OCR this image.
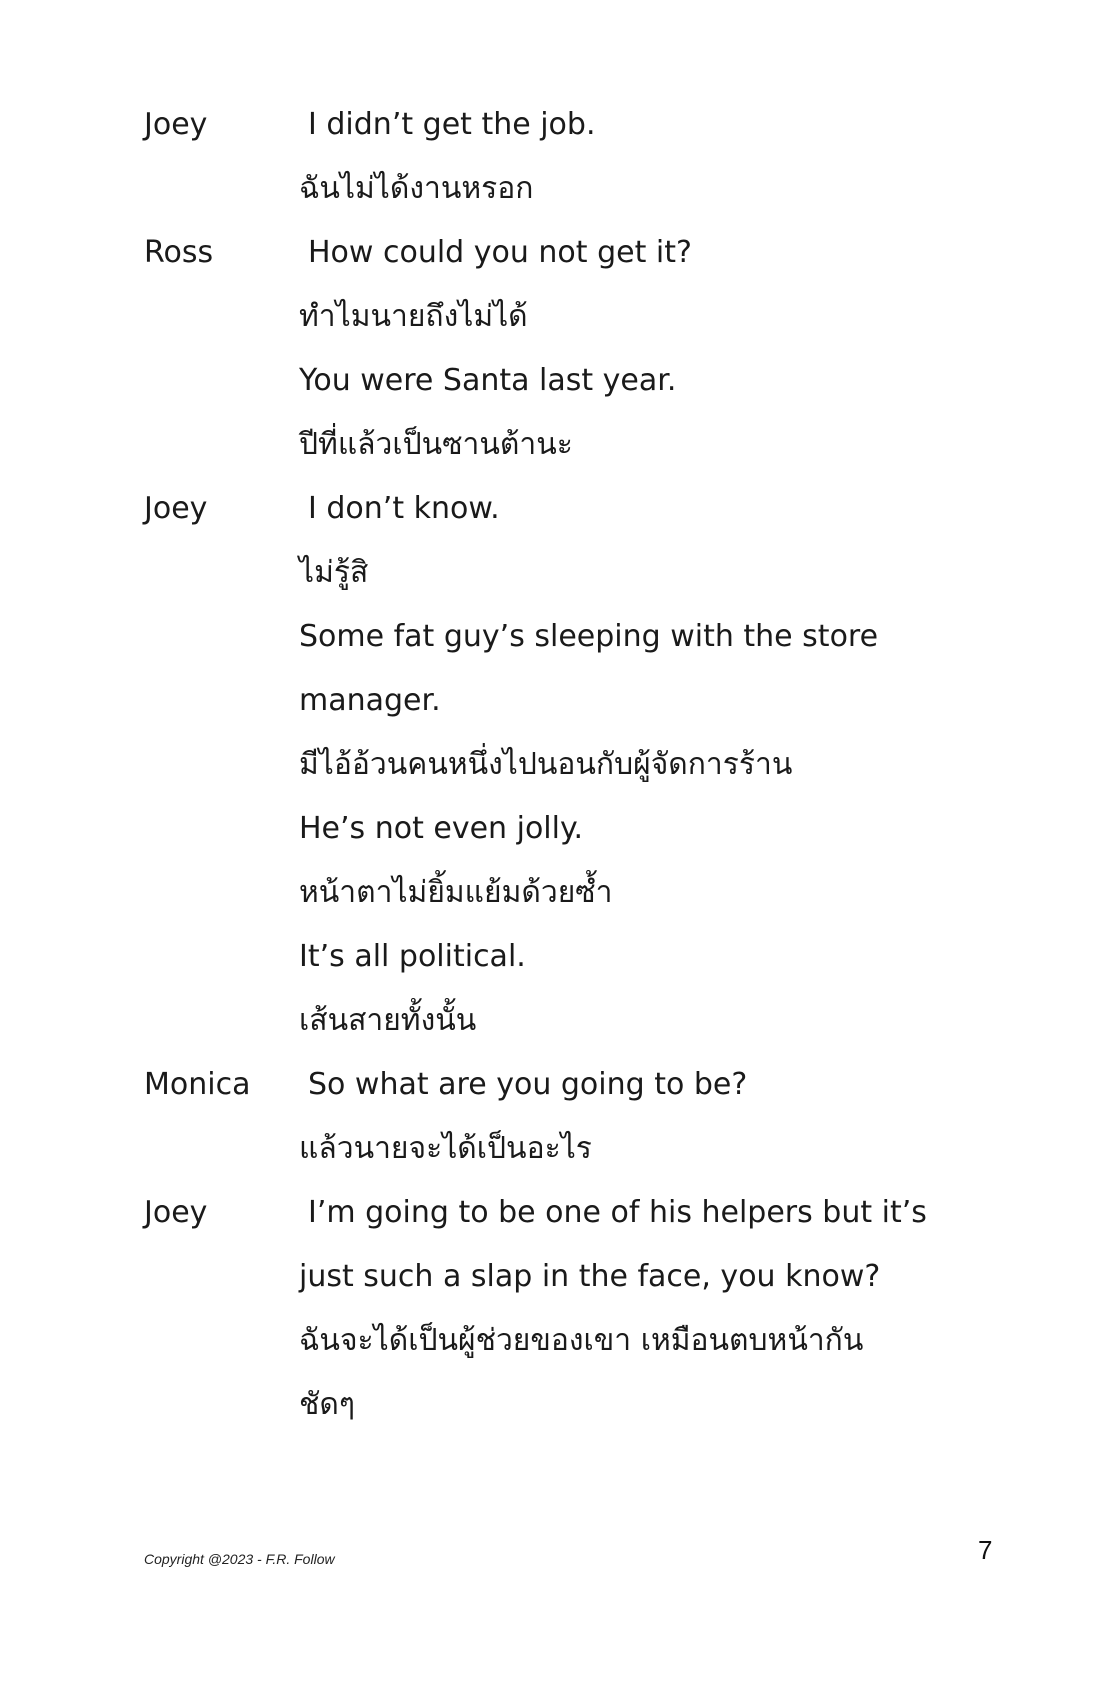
Joey	I didn’t get the job.
ฉันไม่ได้งานหรอก
Ross	How could you not get it?
ทำไมนายถึงไม่ได้
You were Santa last year.
ปีที่แล้วเป็นซานต้านะ
Joey	I don’t know.
ไม่รู้สิ
Some fat guy’s sleeping with the store
manager.
มีไอ้อ้วนคนหนึ่งไปนอนกับผู้จัดการร้าน
He’s not even jolly.
หน้าตาไม่ยิ้มแย้มด้วยซ้ำ
It’s all political.
เส้นสายทั้งนั้น
Monica So what are you going to be?
แล้วนายจะได้เป็นอะไร
Joey	I’m going to be one of his helpers but it’s
just such a slap in the face, you know?
ฉันจะได้เป็นผู้ช่วยของเขา เหมือนตบหน้ากัน
ชัดๆ
Copyright @2023 - F.R. Follow	7
